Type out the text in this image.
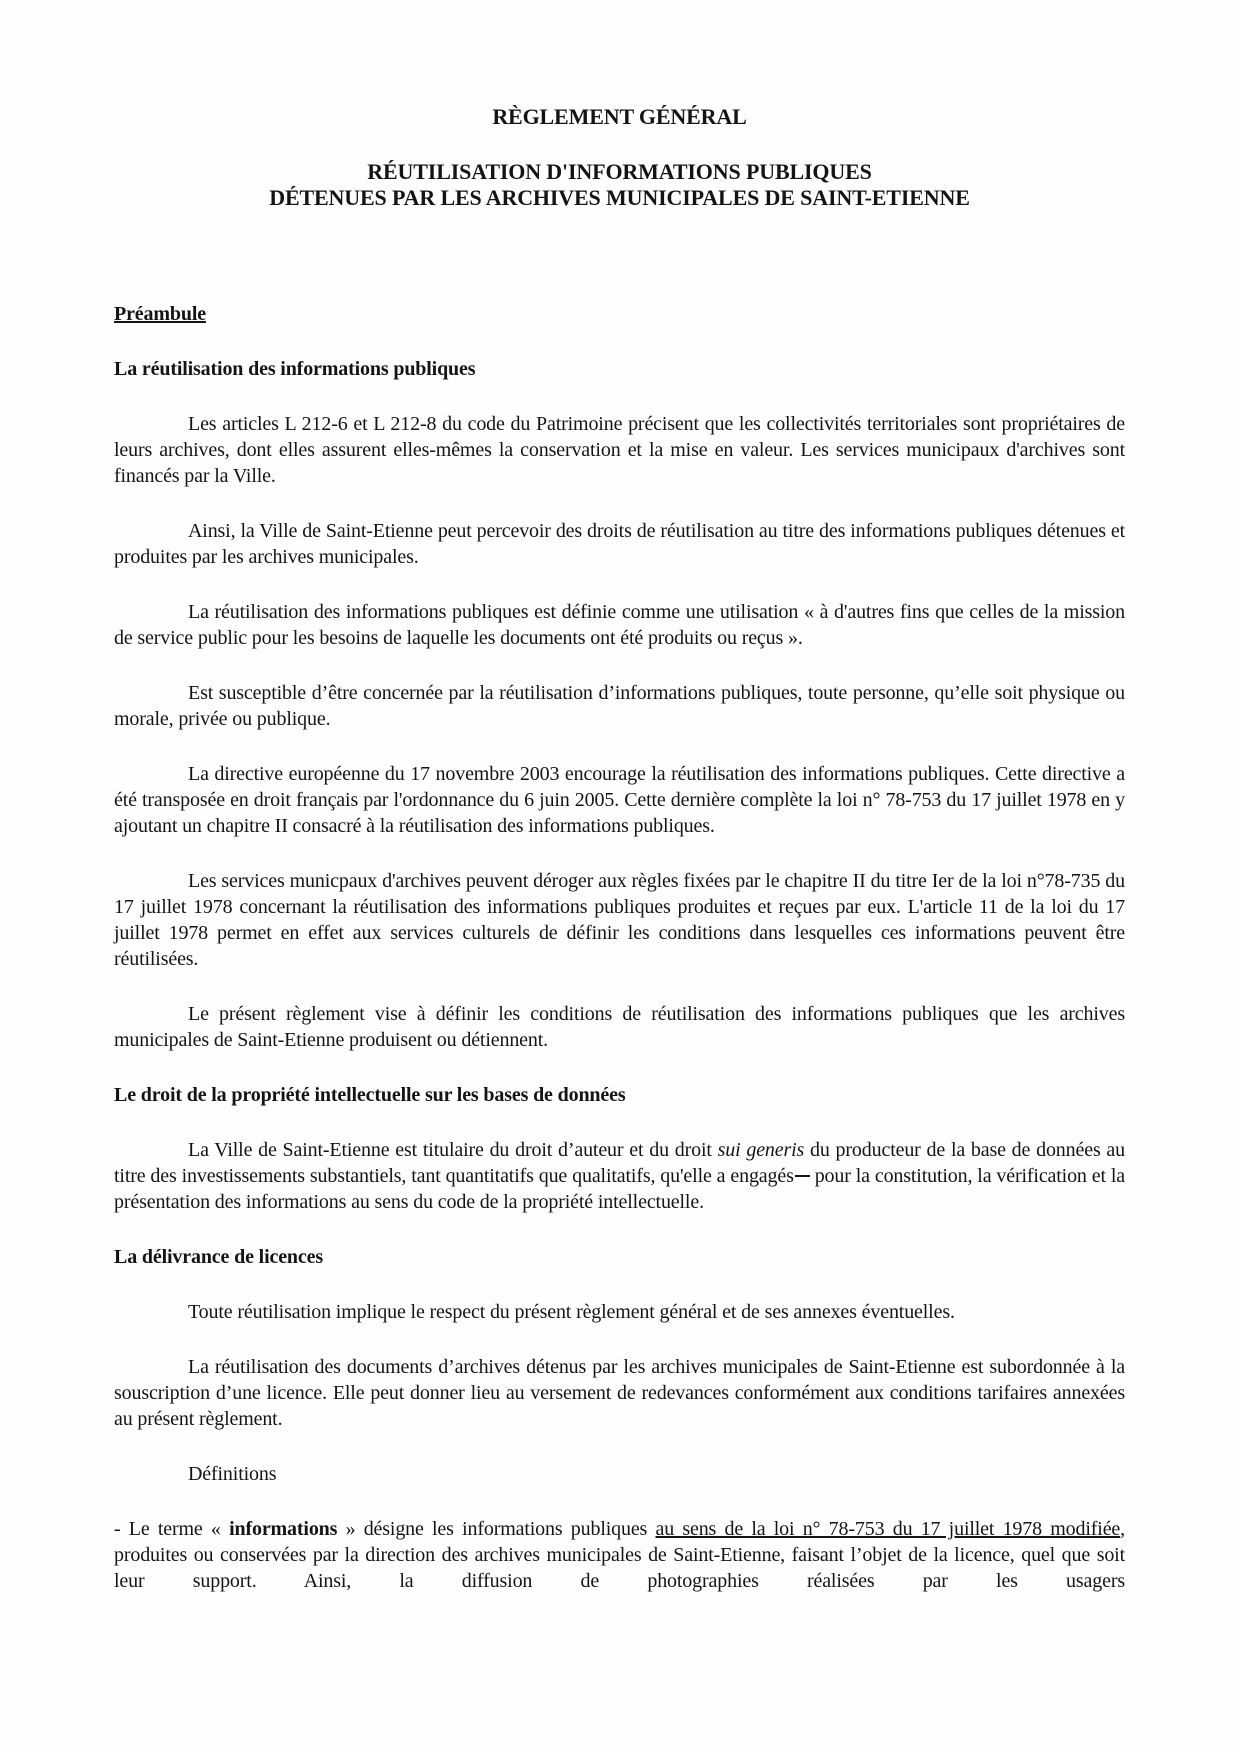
RÈGLEMENT GÉNÉRAL
RÉUTILISATION D'INFORMATIONS PUBLIQUES
DÉTENUES PAR LES ARCHIVES MUNICIPALES DE SAINT-ETIENNE
Préambule
La réutilisation des informations publiques

Les articles L 212-6 et L 212-8 du code du Patrimoine précisent que les collectivités territoriales sont propriétaires de leurs archives, dont elles assurent elles-mêmes la conservation et la mise en valeur. Les services municipaux d'archives sont financés par la Ville.

Ainsi, la Ville de Saint-Etienne peut percevoir des droits de réutilisation au titre des informations publiques détenues et produites par les archives municipales.

La réutilisation des informations publiques est définie comme une utilisation « à d'autres fins que celles de la mission de service public pour les besoins de laquelle les documents ont été produits ou reçus ».

Est susceptible d’être concernée par la réutilisation d’informations publiques, toute personne, qu’elle soit physique ou morale, privée ou publique.

La directive européenne du 17 novembre 2003 encourage la réutilisation des informations publiques. Cette directive a été transposée en droit français par l'ordonnance du 6 juin 2005. Cette dernière complète la loi n° 78-753 du 17 juillet 1978 en y ajoutant un chapitre II consacré à la réutilisation des informations publiques.

Les services municpaux d'archives peuvent déroger aux règles fixées par le chapitre II du titre Ier de la loi n°78-735 du 17 juillet 1978 concernant la réutilisation des informations publiques produites et reçues par eux. L'article 11 de la loi du 17 juillet 1978 permet en effet aux services culturels de définir les conditions dans lesquelles ces informations peuvent être réutilisées.

Le présent règlement vise à définir les conditions de réutilisation des informations publiques que les archives municipales de Saint-Etienne produisent ou détiennent.

Le droit de la propriété intellectuelle sur les bases de données

La Ville de Saint-Etienne est titulaire du droit d’auteur et du droit sui generis du producteur de la base de données au titre des investissements substantiels, tant quantitatifs que qualitatifs, qu'elle a engagés pour la constitution, la vérification et la présentation des informations au sens du code de la propriété intellectuelle.

La délivrance de licences

Toute réutilisation implique le respect du présent règlement général et de ses annexes éventuelles.

La réutilisation des documents d’archives détenus par les archives municipales de Saint-Etienne est subordonnée à la souscription d’une licence. Elle peut donner lieu au versement de redevances conformément aux conditions tarifaires annexées au présent règlement.

Définitions

- Le terme « informations » désigne les informations publiques au sens de la loi n° 78-753 du 17 juillet 1978 modifiée, produites ou conservées par la direction des archives municipales de Saint-Etienne, faisant l’objet de la licence, quel que soit leur support. Ainsi, la diffusion de photographies réalisées par les usagers
